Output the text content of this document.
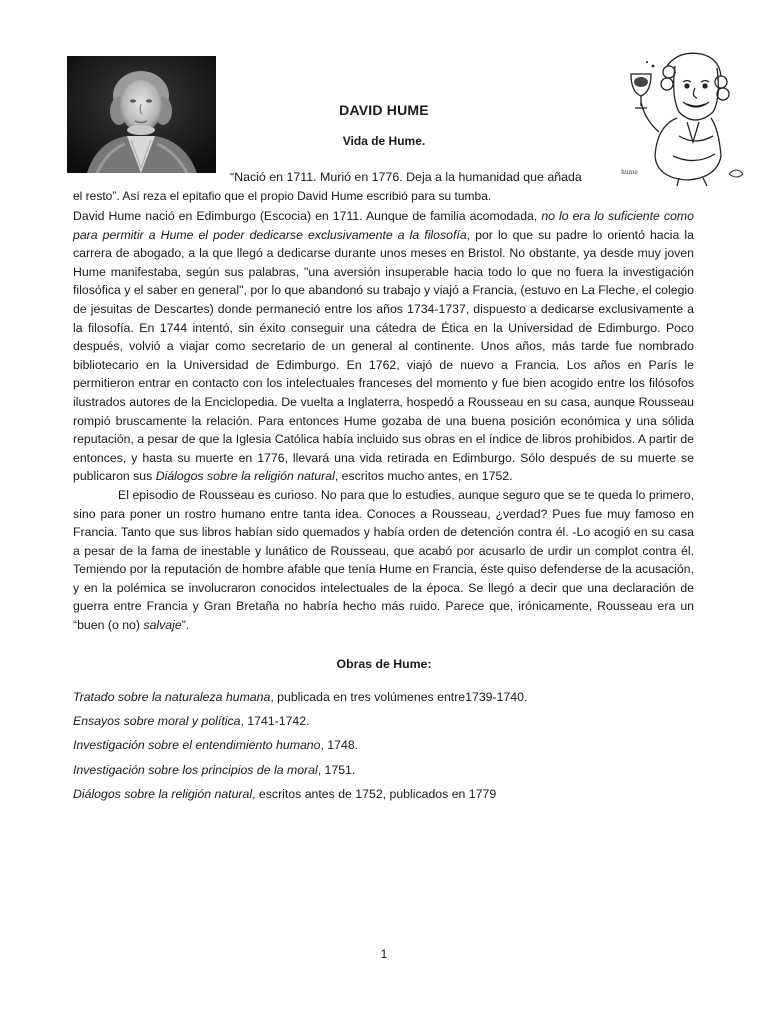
hume
DAVID HUME
Vida de Hume.
“Nació en 1711. Murió en 1776. Deja a la humanidad que añada
el resto”. Así reza el epitafio que el propio David Hume escribió para su tumba.

David Hume nació en Edimburgo (Escocia) en 1711. Aunque de familia acomodada, no lo era lo suficiente como para permitir a Hume el poder dedicarse exclusivamente a la filosofía, por lo que su padre lo orientó hacia la carrera de abogado, a la que llegó a dedicarse durante unos meses en Bristol. No obstante, ya desde muy joven Hume manifestaba, según sus palabras, "una aversión insuperable hacia todo lo que no fuera la investigación filosófica y el saber en general", por lo que abandonó su trabajo y viajó a Francia, (estuvo en La Fleche, el colegio de jesuitas de Descartes) donde permaneció entre los años 1734-1737, dispuesto a dedicarse exclusivamente a la filosofía. En 1744 intentó, sin éxito conseguir una cátedra de Ética en la Universidad de Edimburgo. Poco después, volvió a viajar como secretario de un general al continente. Unos años, más tarde fue nombrado bibliotecario en la Universidad de Edimburgo. En 1762, viajó de nuevo a Francia. Los años en París le permitieron entrar en contacto con los intelectuales franceses del momento y fue bien acogido entre los filósofos ilustrados autores de la Enciclopedia. De vuelta a Inglaterra, hospedó a Rousseau en su casa, aunque Rousseau rompió bruscamente la relación. Para entonces Hume gozaba de una buena posición económica y una sólida reputación, a pesar de que la Iglesia Católica había incluido sus obras en el índice de libros prohibidos. A partir de entonces, y hasta su muerte en 1776, llevará una vida retirada en Edimburgo. Sólo después de su muerte se publicaron sus Diálogos sobre la religión natural, escritos mucho antes, en 1752.

El episodio de Rousseau es curioso. No para que lo estudies, aunque seguro que se te queda lo primero, sino para poner un rostro humano entre tanta idea. Conoces a Rousseau, ¿verdad? Pues fue muy famoso en Francia. Tanto que sus libros habían sido quemados y había orden de detención contra él. -Lo acogió en su casa a pesar de la fama de inestable y lunático de Rousseau, que acabó por acusarlo de urdir un complot contra él. Temiendo por la reputación de hombre afable que tenía Hume en Francia, éste quiso defenderse de la acusación, y en la polémica se involucraron conocidos intelectuales de la época. Se llegó a decir que una declaración de guerra entre Francia y Gran Bretaña no habría hecho más ruido. Parece que, irónicamente, Rousseau era un “buen (o no) salvaje”.

Obras de Hume:
Tratado sobre la naturaleza humana, publicada en tres volúmenes entre1739-1740.
Ensayos sobre moral y política, 1741-1742.
Investigación sobre el entendimiento humano, 1748.
Investigación sobre los principios de la moral, 1751.
Diálogos sobre la religión natural, escritos antes de 1752, publicados en 1779
1
